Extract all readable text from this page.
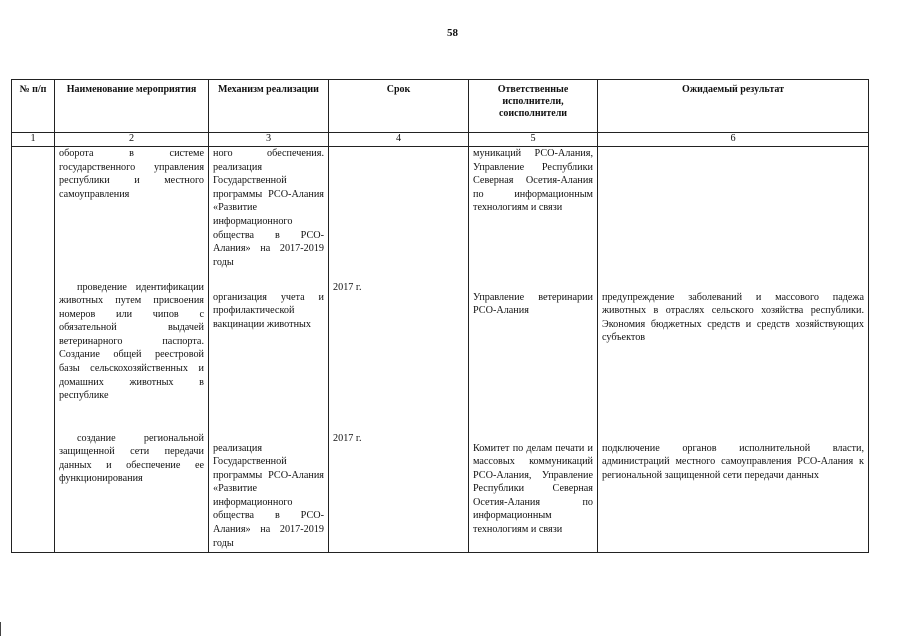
58
№ п/п	Наименование мероприятия	Механизм реализации	Срок	Ответственные исполнители, соисполнители	Ожидаемый результат
1	2	3	4	5	6
	оборота в системе государственного управления республики и местного самоуправления	ного обеспечения. реализация Государственной программы РСО-Алания «Развитие информационного общества в РСО-Алания» на 2017-2019 годы		муникаций РСО-Алания, Управление Республики Северная Осетия-Алания по информационным технологиям и связи	
	проведение идентификации животных путем присвоения номеров или чипов с обязательной выдачей ветеринарного паспорта. Создание общей реестровой базы сельскохозяйственных и домашних животных в республике	организация учета и профилактической вакцинации животных	2017 г.	Управление ветеринарии РСО-Алания	предупреждение заболеваний и массового падежа животных в отраслях сельского хозяйства республики. Экономия бюджетных средств и средств хозяйствующих субъектов
	создание региональной защищенной сети передачи данных и обеспечение ее функционирования	реализация Государственной программы РСО-Алания «Развитие информационного общества в РСО-Алания» на 2017-2019 годы	2017 г.	Комитет по делам печати и массовых коммуникаций РСО-Алания, Управление Республики Северная Осетия-Алания по информационным технологиям и связи	подключение органов исполнительной власти, администраций местного самоуправления РСО-Алания к региональной защищенной сети передачи данных
